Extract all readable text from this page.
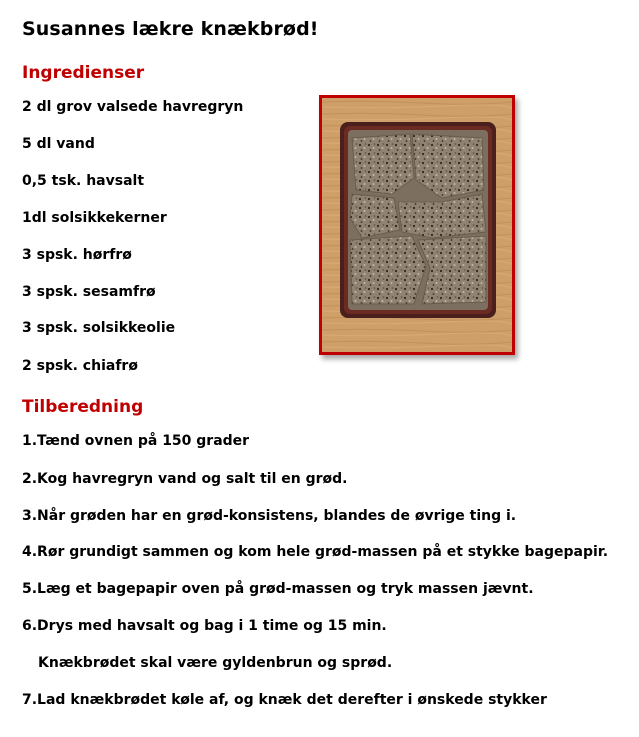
Susannes lækre knækbrød!
Ingredienser
2 dl grov valsede havregryn
5 dl vand
0,5 tsk. havsalt
1dl solsikkekerner
3 spsk. hørfrø
3 spsk. sesamfrø
3 spsk. solsikkeolie
2 spsk. chiafrø
Tilberedning
1.Tænd ovnen på 150 grader
2.Kog havregryn vand og salt til en grød.
3.Når grøden har en grød-konsistens, blandes de øvrige ting i.
4.Rør grundigt sammen og kom hele grød-massen på et stykke bagepapir.
5.Læg et bagepapir oven på grød-massen og tryk massen jævnt.
6.Drys med havsalt og bag i 1 time og 15 min.
Knækbrødet skal være gyldenbrun og sprød.
7.Lad knækbrødet køle af, og knæk det derefter i ønskede stykker
